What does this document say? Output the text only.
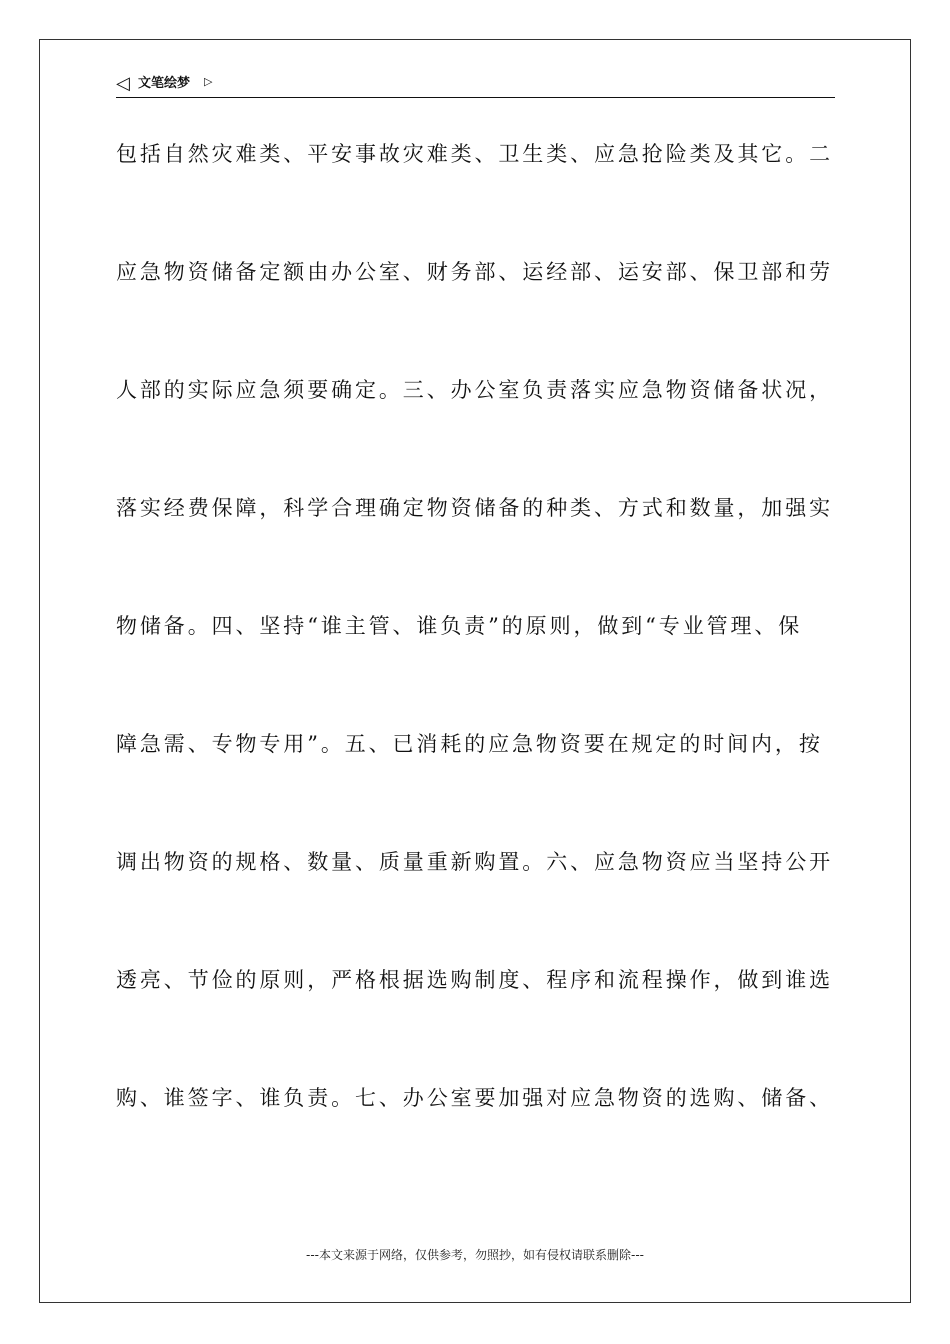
◁ 文笔绘梦 ▷
包括自然灾难类、平安事故灾难类、卫生类、应急抢险类及其它。二
应急物资储备定额由办公室、财务部、运经部、运安部、保卫部和劳
人部的实际应急须要确定。三、办公室负责落实应急物资储备状况，
落实经费保障，科学合理确定物资储备的种类、方式和数量，加强实
物储备。四、坚持“谁主管、谁负责”的原则，做到“专业管理、保
障急需、专物专用”。五、已消耗的应急物资要在规定的时间内，按
调出物资的规格、数量、质量重新购置。六、应急物资应当坚持公开
透亮、节俭的原则，严格根据选购制度、程序和流程操作，做到谁选
购、谁签字、谁负责。七、办公室要加强对应急物资的选购、储备、
---本文来源于网络，仅供参考，勿照抄，如有侵权请联系删除---
